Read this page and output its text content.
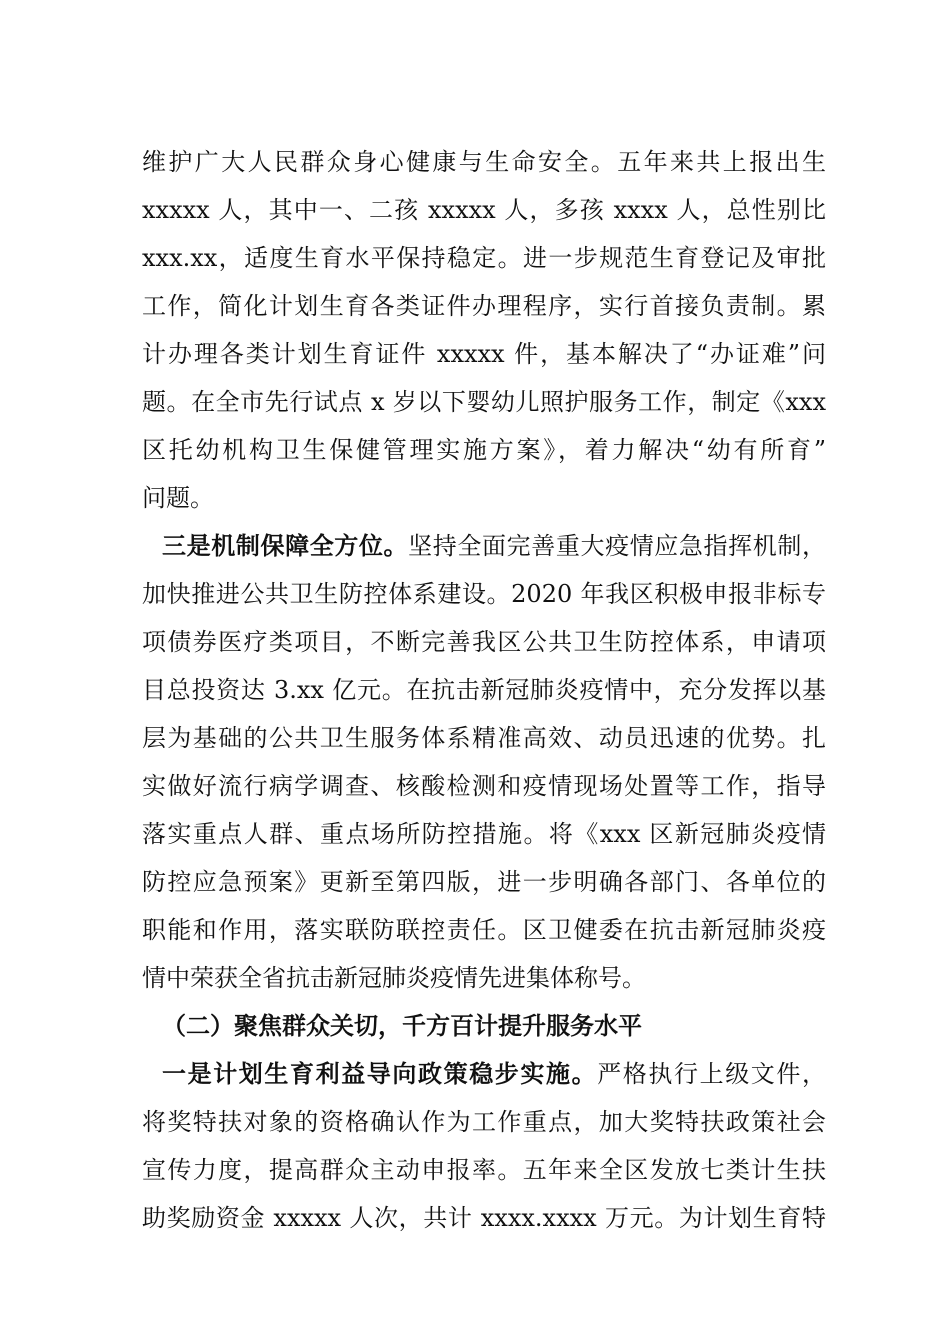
维护广大人民群众身心健康与生命安全。五年来共上报出生
xxxxx 人，其中一、二孩 xxxxx 人，多孩 xxxx 人，总性别比
xxx.xx，适度生育水平保持稳定。进一步规范生育登记及审批
工作，简化计划生育各类证件办理程序，实行首接负责制。累
计办理各类计划生育证件 xxxxx 件，基本解决了“办证难”问
题。在全市先行试点 x 岁以下婴幼儿照护服务工作，制定《xxx
区托幼机构卫生保健管理实施方案》，着力解决“幼有所育”
问题。
三是机制保障全方位。坚持全面完善重大疫情应急指挥机制，
加快推进公共卫生防控体系建设。2020 年我区积极申报非标专
项债券医疗类项目，不断完善我区公共卫生防控体系，申请项
目总投资达 3.xx 亿元。在抗击新冠肺炎疫情中，充分发挥以基
层为基础的公共卫生服务体系精准高效、动员迅速的优势。扎
实做好流行病学调查、核酸检测和疫情现场处置等工作，指导
落实重点人群、重点场所防控措施。将《xxx 区新冠肺炎疫情
防控应急预案》更新至第四版，进一步明确各部门、各单位的
职能和作用，落实联防联控责任。区卫健委在抗击新冠肺炎疫
情中荣获全省抗击新冠肺炎疫情先进集体称号。
（二）聚焦群众关切，千方百计提升服务水平
一是计划生育利益导向政策稳步实施。严格执行上级文件，
将奖特扶对象的资格确认作为工作重点，加大奖特扶政策社会
宣传力度，提高群众主动申报率。五年来全区发放七类计生扶
助奖励资金 xxxxx 人次，共计 xxxx.xxxx 万元。为计划生育特
